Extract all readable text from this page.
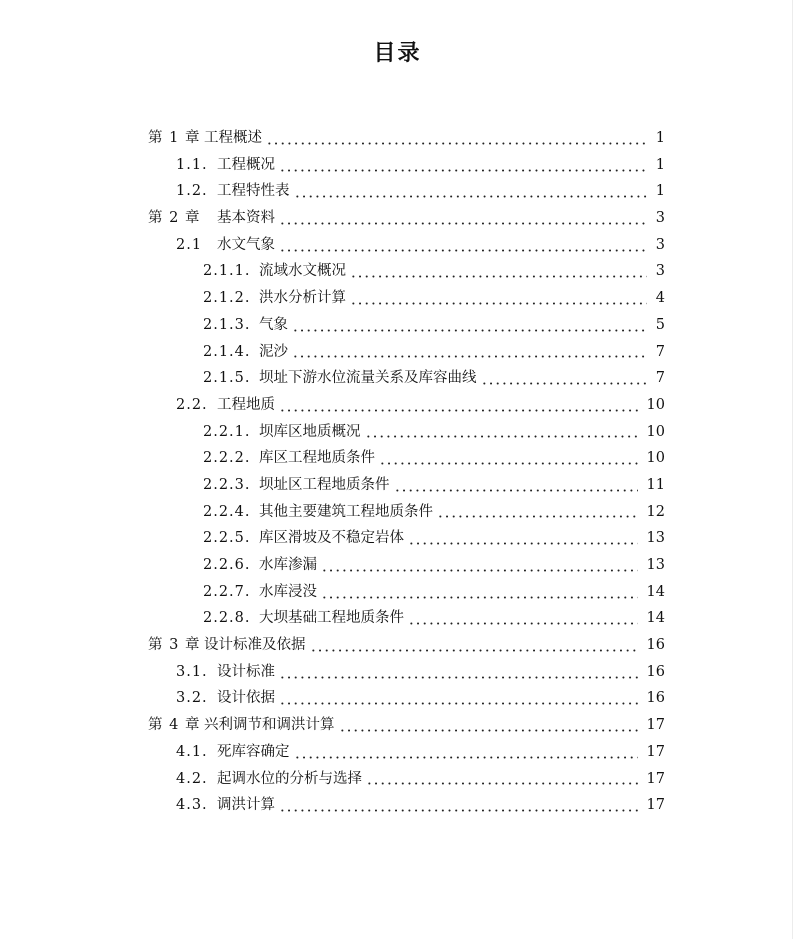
目录
第 1 章 工程概述	1
1.1. 工程概况	1
1.2. 工程特性表	1
第 2 章	基本资料	3
2.1	水文气象	3
2.1.1. 流域水文概况	3
2.1.2. 洪水分析计算	4
2.1.3. 气象	5
2.1.4. 泥沙	7
2.1.5. 坝址下游水位流量关系及库容曲线	7
2.2. 工程地质	10
2.2.1. 坝库区地质概况	10
2.2.2. 库区工程地质条件	10
2.2.3. 坝址区工程地质条件	11
2.2.4. 其他主要建筑工程地质条件	12
2.2.5. 库区滑坡及不稳定岩体	13
2.2.6. 水库渗漏	13
2.2.7. 水库浸没	14
2.2.8. 大坝基础工程地质条件	14
第 3 章 设计标准及依据	16
3.1. 设计标准	16
3.2. 设计依据	16
第 4 章 兴利调节和调洪计算	17
4.1. 死库容确定	17
4.2. 起调水位的分析与选择	17
4.3. 调洪计算	17
